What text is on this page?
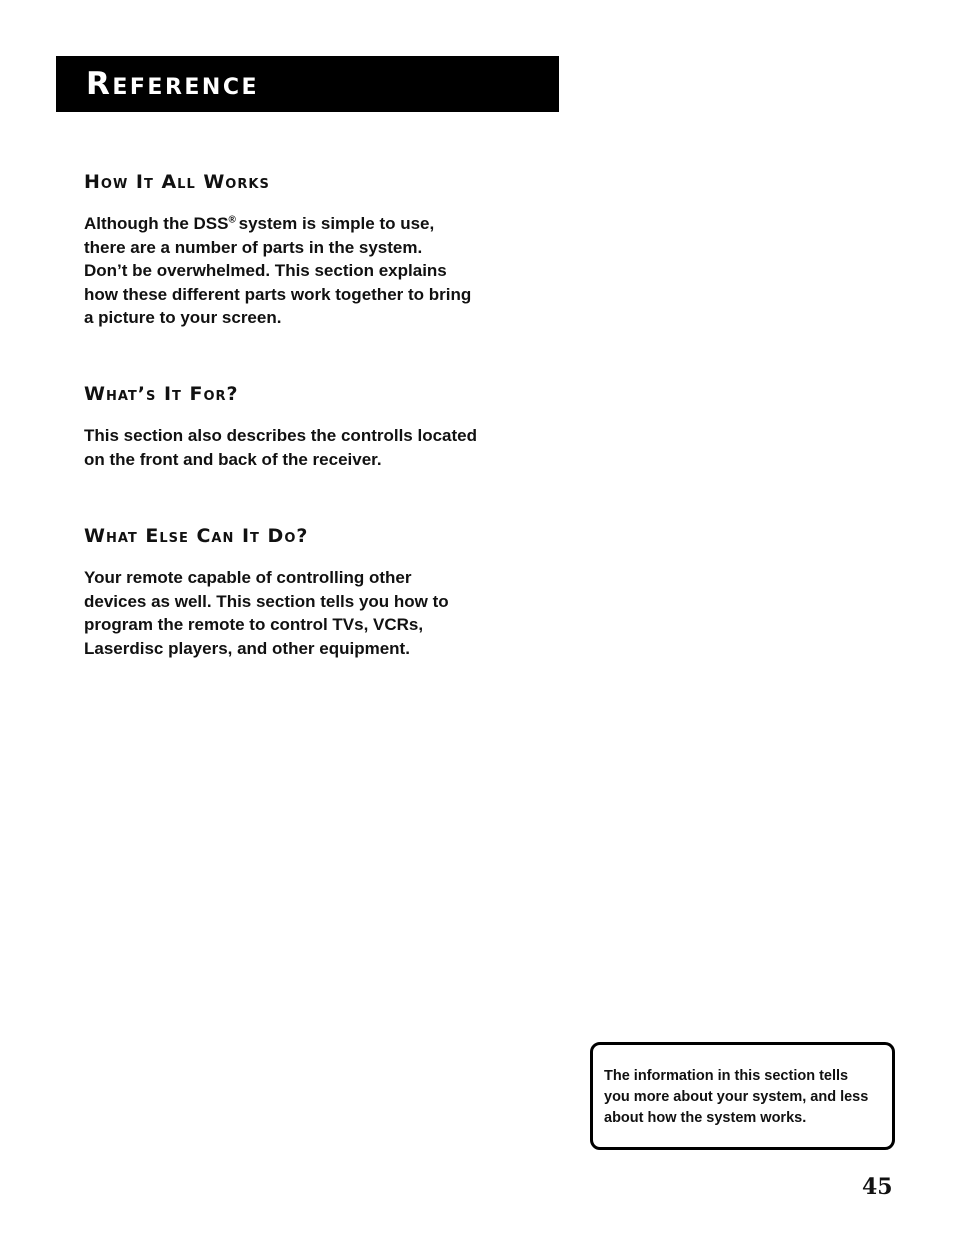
Reference
How It All Works

Although the DSS® system is simple to use,
there are a number of parts in the system.
Don’t be overwhelmed. This section explains
how these different parts work together to bring
a picture to your screen.

What’s It For?

This section also describes the controlls located
on the front and back of the receiver.

What Else Can It Do?

Your remote capable of controlling other
devices as well. This section tells you how to
program the remote to control TVs, VCRs,
Laserdisc players, and other equipment.

The information in this section tells
you more about your system, and less
about how the system works.
45
